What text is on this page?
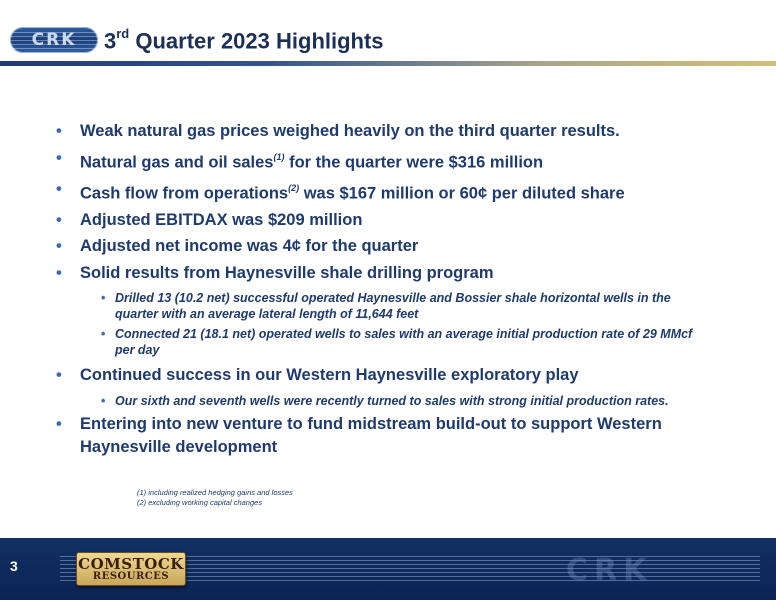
CRK	3rd Quarter 2023 Highlights
• Weak natural gas prices weighed heavily on the third quarter results.
• Natural gas and oil sales$^{(1)}$ for the quarter were $316 million
• Cash flow from operations$^{(2)}$ was $167 million or 60¢ per diluted share
• Adjusted EBITDAX was $209 million
• Adjusted net income was 4¢ for the quarter
• Solid results from Haynesville shale drilling program
• Drilled 13 (10.2 net) successful operated Haynesville and Bossier shale horizontal wells in the quarter with an average lateral length of 11,644 feet
• Connected 21 (18.1 net) operated wells to sales with an average initial production rate of 29 MMcf per day
• Continued success in our Western Haynesville exploratory play
• Our sixth and seventh wells were recently turned to sales with strong initial production rates.
• Entering into new venture to fund midstream build-out to support Western Haynesville development
(1) including realized hedging gains and losses
(2) excluding working capital changes
3	COMSTOCK
RESOURCES	CRK
